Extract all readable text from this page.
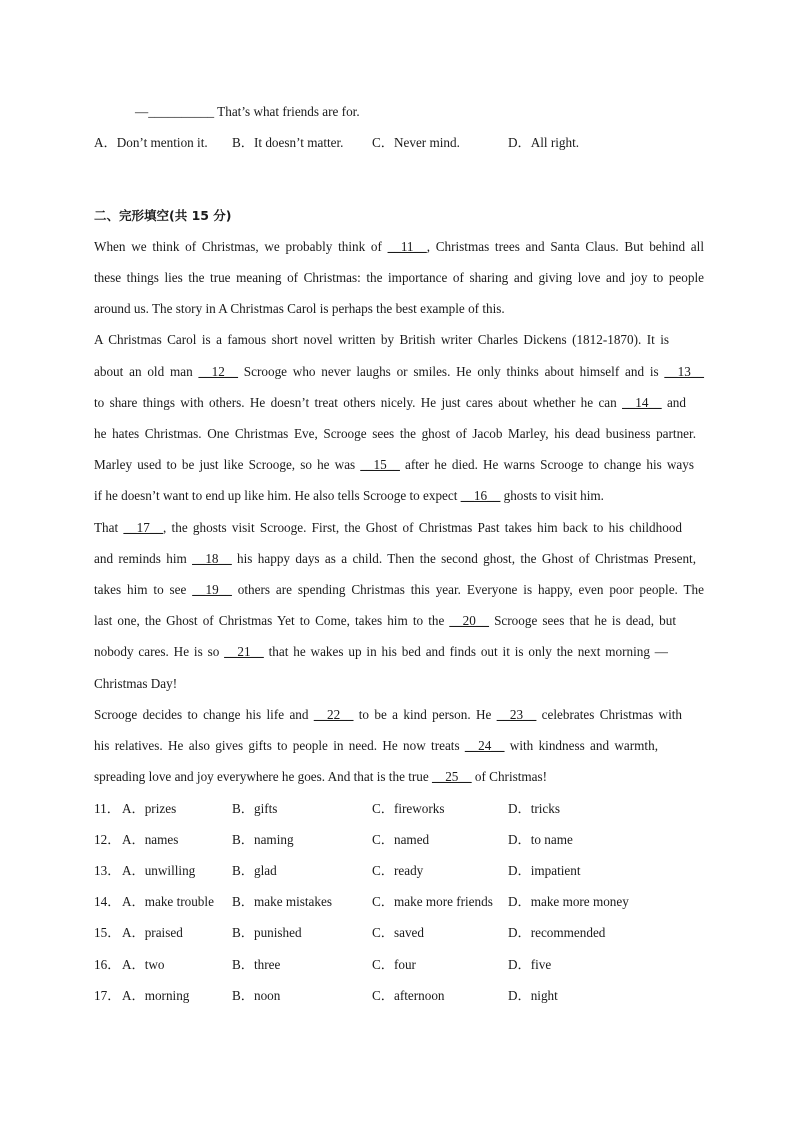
—__________ That’s what friends are for.
A．Don’t mention it. B．It doesn’t matter. C．Never mind.	D．All right.
二、完形填空(共 15 分)
When we think of Christmas, we probably think of __11__, Christmas trees and Santa Claus. But behind all
these things lies the true meaning of Christmas: the importance of sharing and giving love and joy to people
around us. The story in A Christmas Carol is perhaps the best example of this.
A Christmas Carol is a famous short novel written by British writer Charles Dickens (1812-1870). It is
about an old man __12__ Scrooge who never laughs or smiles. He only thinks about himself and is __13__
to share things with others. He doesn’t treat others nicely. He just cares about whether he can __14__ and
he hates Christmas. One Christmas Eve, Scrooge sees the ghost of Jacob Marley, his dead business partner.
Marley used to be just like Scrooge, so he was __15__ after he died. He warns Scrooge to change his ways
if he doesn’t want to end up like him. He also tells Scrooge to expect __16__ ghosts to visit him.
That __17__, the ghosts visit Scrooge. First, the Ghost of Christmas Past takes him back to his childhood
and reminds him __18__ his happy days as a child. Then the second ghost, the Ghost of Christmas Present,
takes him to see __19__ others are spending Christmas this year. Everyone is happy, even poor people. The
last one, the Ghost of Christmas Yet to Come, takes him to the __20__ Scrooge sees that he is dead, but
nobody cares. He is so __21__ that he wakes up in his bed and finds out it is only the next morning —
Christmas Day!
Scrooge decides to change his life and __22__ to be a kind person. He __23__ celebrates Christmas with
his relatives. He also gives gifts to people in need. He now treats __24__ with kindness and warmth,
spreading love and joy everywhere he goes. And that is the true __25__ of Christmas!
11． A．prizes	B．gifts	C．fireworks	D．tricks
12． A．names	B．naming	C．named	D．to name
13． A．unwilling	B．glad	C．ready	D．impatient
14． A．make trouble B．make mistakes	C．make more friends D．make more money
15． A．praised	B．punished	C．saved	D．recommended
16． A．two	B．three	C．four	D．five
17． A．morning	B．noon	C．afternoon	D．night
